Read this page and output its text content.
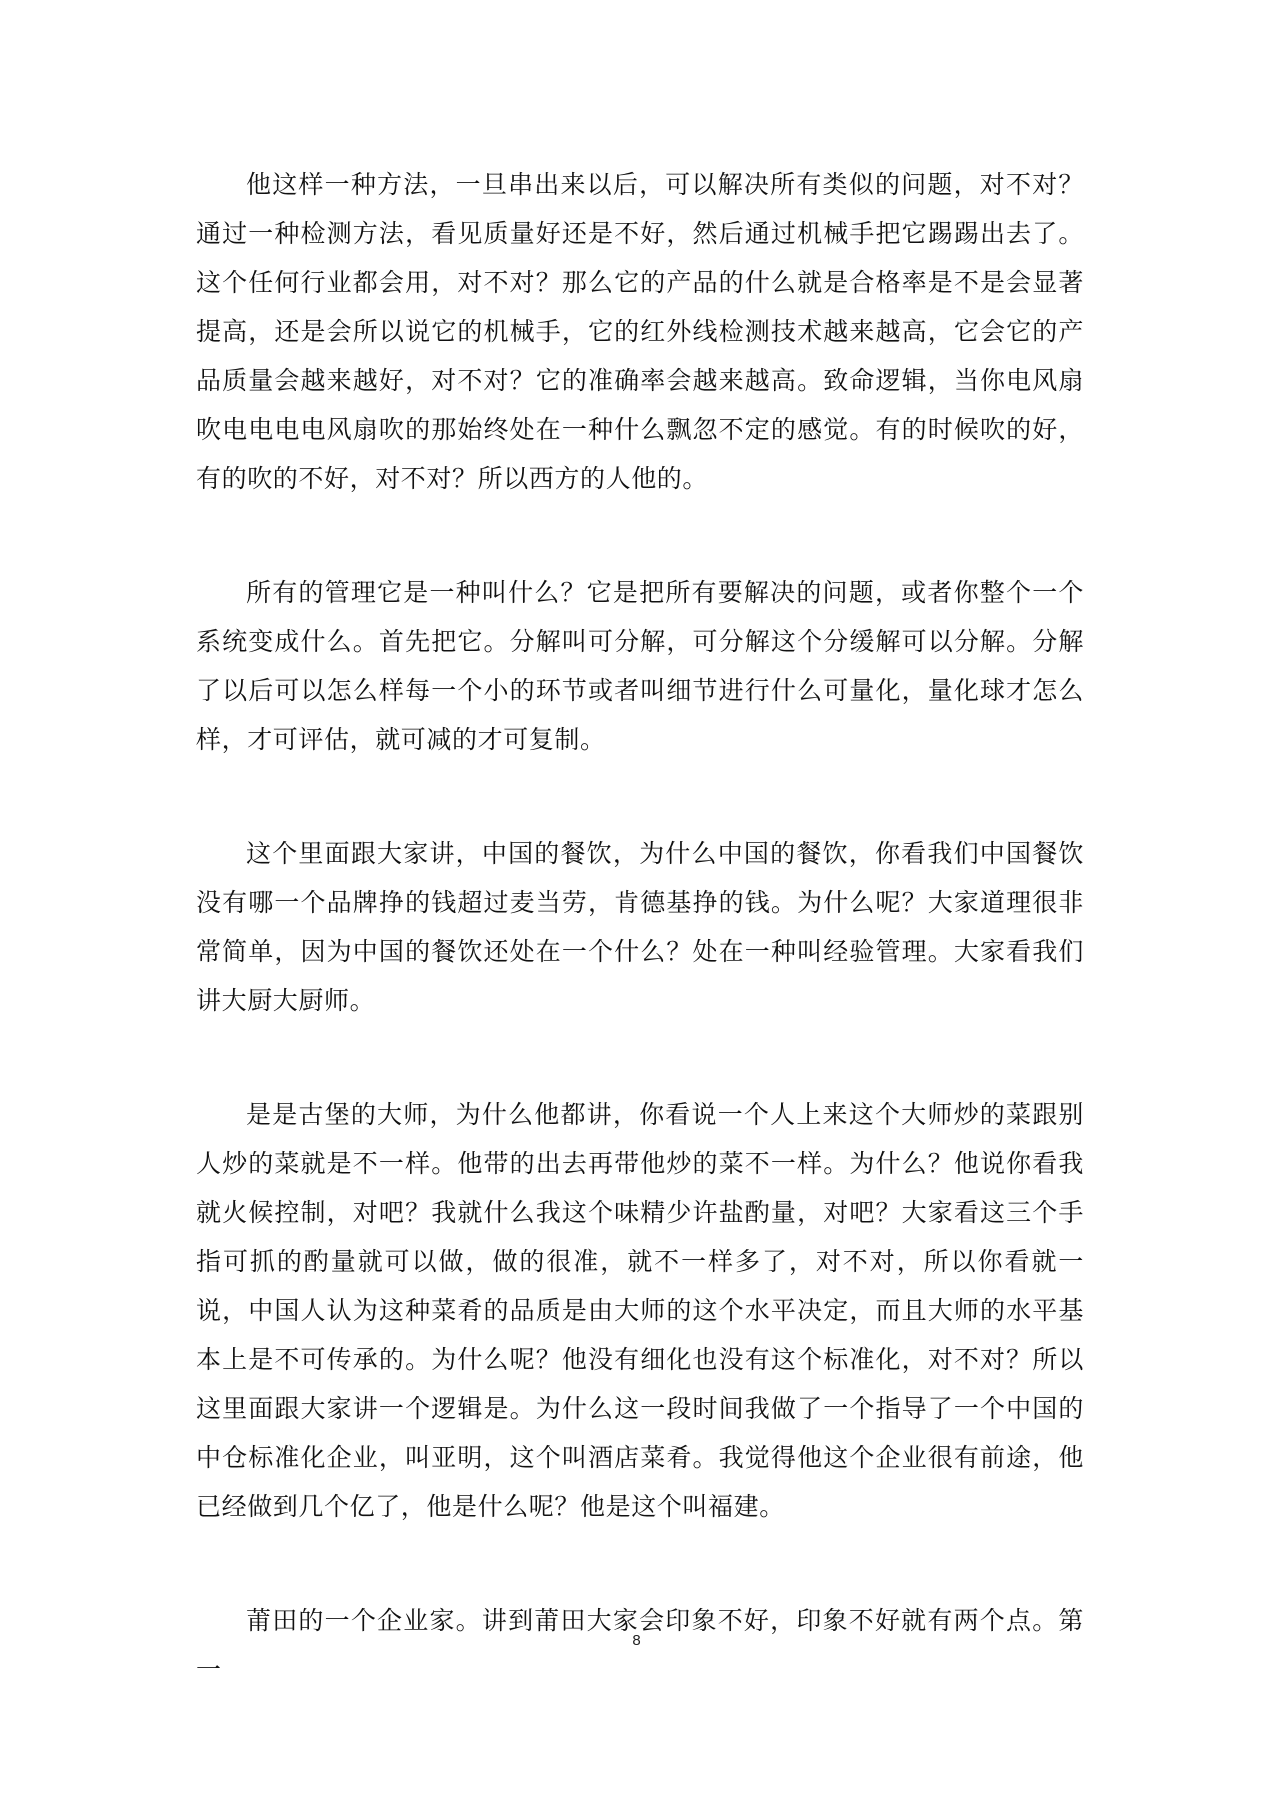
他这样一种方法，一旦串出来以后，可以解决所有类似的问题，对不对？通过一种检测方法，看见质量好还是不好，然后通过机械手把它踢踢出去了。这个任何行业都会用，对不对？那么它的产品的什么就是合格率是不是会显著提高，还是会所以说它的机械手，它的红外线检测技术越来越高，它会它的产品质量会越来越好，对不对？它的准确率会越来越高。致命逻辑，当你电风扇吹电电电电风扇吹的那始终处在一种什么飘忽不定的感觉。有的时候吹的好，有的吹的不好，对不对？所以西方的人他的。

所有的管理它是一种叫什么？它是把所有要解决的问题，或者你整个一个系统变成什么。首先把它。分解叫可分解，可分解这个分缓解可以分解。分解了以后可以怎么样每一个小的环节或者叫细节进行什么可量化，量化球才怎么样，才可评估，就可减的才可复制。

这个里面跟大家讲，中国的餐饮，为什么中国的餐饮，你看我们中国餐饮没有哪一个品牌挣的钱超过麦当劳，肯德基挣的钱。为什么呢？大家道理很非常简单，因为中国的餐饮还处在一个什么？处在一种叫经验管理。大家看我们讲大厨大厨师。

是是古堡的大师，为什么他都讲，你看说一个人上来这个大师炒的菜跟别人炒的菜就是不一样。他带的出去再带他炒的菜不一样。为什么？他说你看我就火候控制，对吧？我就什么我这个味精少许盐酌量，对吧？大家看这三个手指可抓的酌量就可以做，做的很准，就不一样多了，对不对，所以你看就一说，中国人认为这种菜肴的品质是由大师的这个水平决定，而且大师的水平基本上是不可传承的。为什么呢？他没有细化也没有这个标准化，对不对？所以这里面跟大家讲一个逻辑是。为什么这一段时间我做了一个指导了一个中国的中仓标准化企业，叫亚明，这个叫酒店菜肴。我觉得他这个企业很有前途，他已经做到几个亿了，他是什么呢？他是这个叫福建。

莆田的一个企业家。讲到莆田大家会印象不好，印象不好就有两个点。第一

8
